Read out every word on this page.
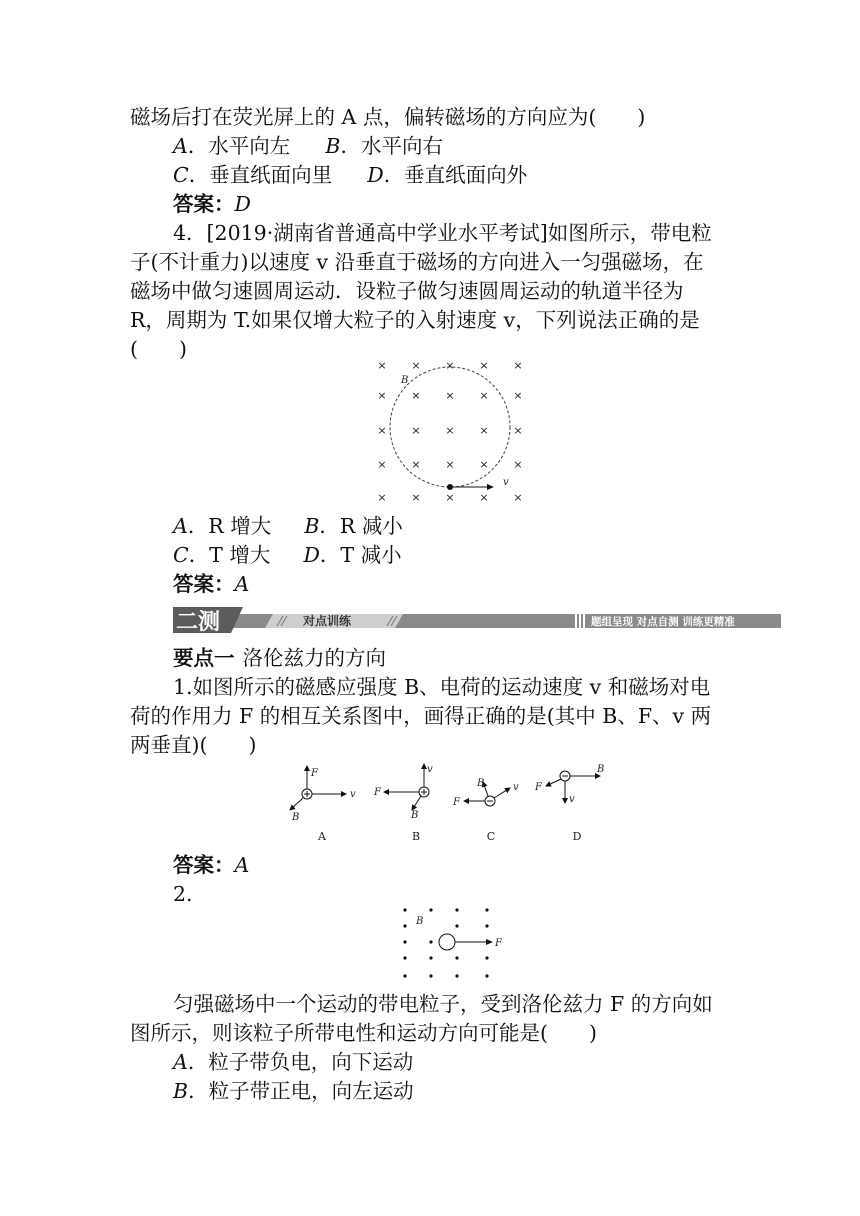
磁场后打在荧光屏上的 A 点，偏转磁场的方向应为(　　)
A．水平向左 B．水平向右
C．垂直纸面向里 D．垂直纸面向外
答案：D
4．[2019·湖南省普通高中学业水平考试]如图所示，带电粒
子(不计重力)以速度 v 沿垂直于磁场的方向进入一匀强磁场，在
磁场中做匀速圆周运动．设粒子做匀速圆周运动的轨道半径为
R，周期为 T.如果仅增大粒子的入射速度 v，下列说法正确的是
(　　)
× × × × ×
× × × × ×
× × × × ×
× × × × ×
× × × × ×
B
v
A．R 增大 B．R 减小
C．T 增大 D．T 减小
答案：A
二测	对点训练	题组呈现 对点自测 训练更精准
要点一 洛伦兹力的方向
1.如图所示的磁感应强度 B、电荷的运动速度 v 和磁场对电
荷的作用力 F 的相互关系图中，画得正确的是(其中 B、F、v 两
两垂直)(　　)
F
v
B
v
F
B
B	v
F
B
F
v
A	B	C	D
答案：A
2.
B
F
匀强磁场中一个运动的带电粒子，受到洛伦兹力 F 的方向如
图所示，则该粒子所带电性和运动方向可能是(　　)
A．粒子带负电，向下运动
B．粒子带正电，向左运动
